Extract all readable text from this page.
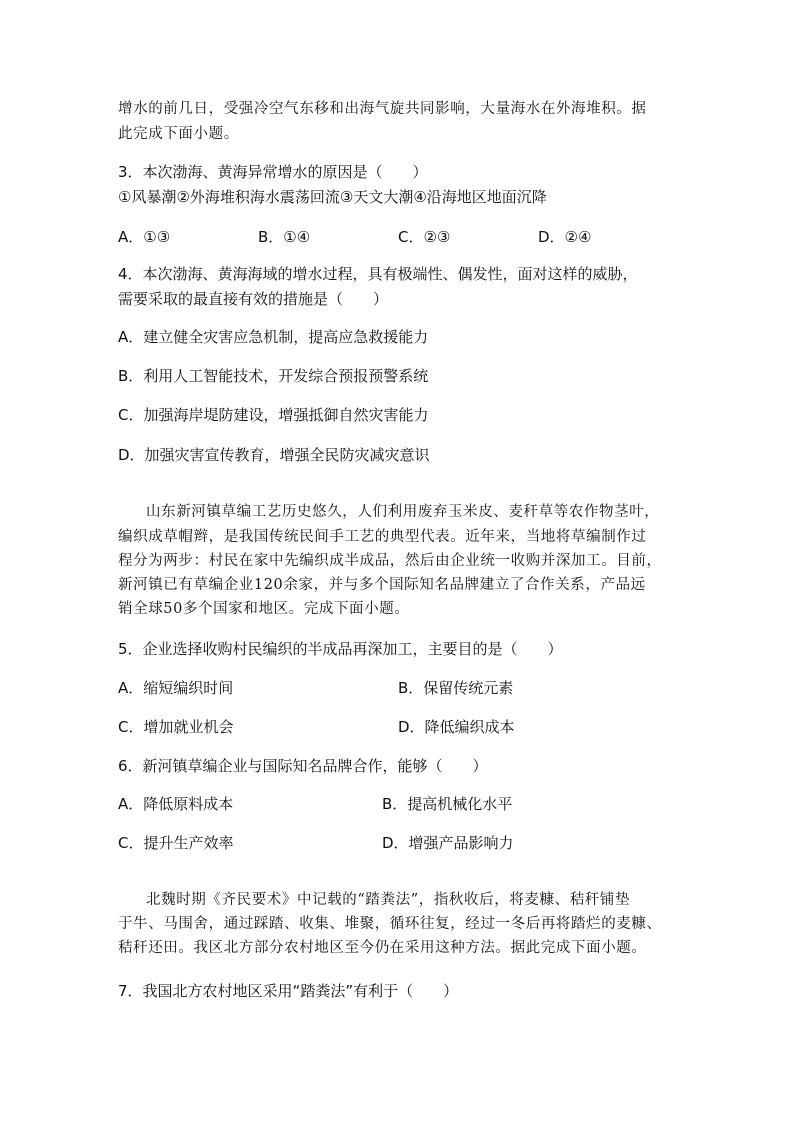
增水的前几日，受强冷空气东移和出海气旋共同影响，大量海水在外海堆积。据
此完成下面小题。
3．本次渤海、黄海异常增水的原因是（　　）
①风暴潮②外海堆积海水震荡回流③天文大潮④沿海地区地面沉降
A．①③	B．①④	C．②③	D．②④
4．本次渤海、黄海海域的增水过程，具有极端性、偶发性，面对这样的威胁，
需要采取的最直接有效的措施是（　　）
A．建立健全灾害应急机制，提高应急救援能力
B．利用人工智能技术，开发综合预报预警系统
C．加强海岸堤防建设，增强抵御自然灾害能力
D．加强灾害宣传教育，增强全民防灾减灾意识
山东新河镇草编工艺历史悠久，人们利用废弃玉米皮、麦秆草等农作物茎叶，
编织成草帽辫，是我国传统民间手工艺的典型代表。近年来，当地将草编制作过
程分为两步：村民在家中先编织成半成品，然后由企业统一收购并深加工。目前，
新河镇已有草编企业120余家，并与多个国际知名品牌建立了合作关系，产品远
销全球50多个国家和地区。完成下面小题。
5．企业选择收购村民编织的半成品再深加工，主要目的是（　　）
A．缩短编织时间	B．保留传统元素
C．增加就业机会	D．降低编织成本
6．新河镇草编企业与国际知名品牌合作，能够（　　）
A．降低原料成本	B．提高机械化水平
C．提升生产效率	D．增强产品影响力
北魏时期《齐民要术》中记载的“踏粪法”，指秋收后，将麦糠、秸秆铺垫
于牛、马围舍，通过踩踏、收集、堆聚，循环往复，经过一冬后再将踏烂的麦糠、
秸秆还田。我区北方部分农村地区至今仍在采用这种方法。据此完成下面小题。
7．我国北方农村地区采用“踏粪法”有利于（　　）
